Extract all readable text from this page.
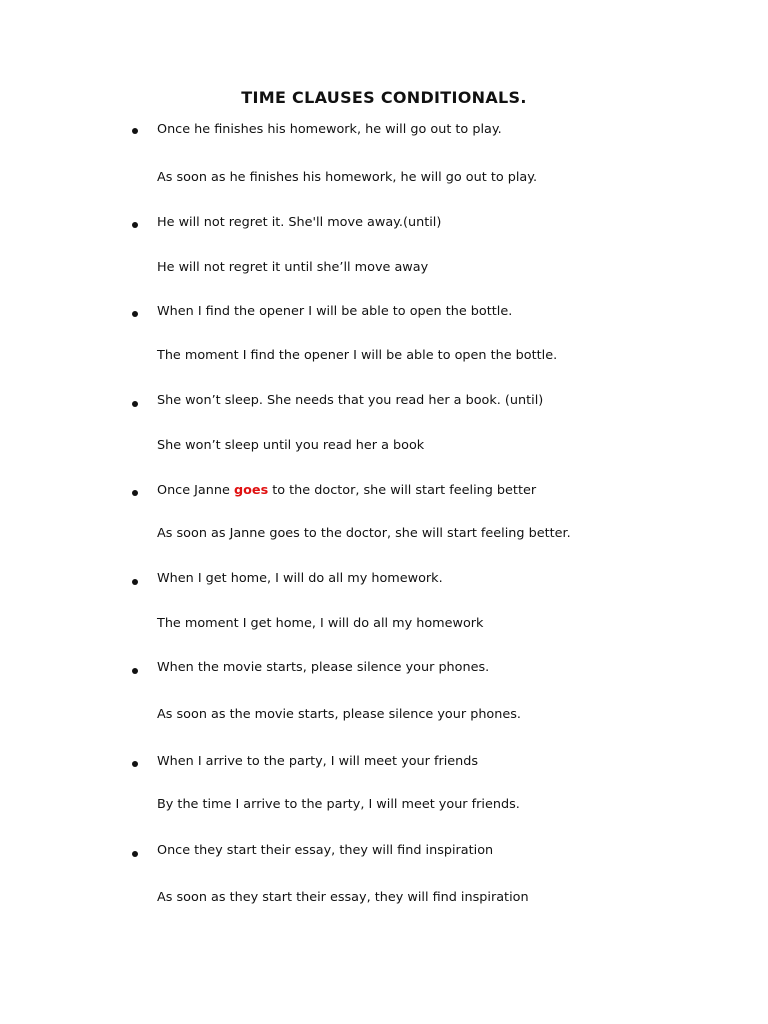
TIME CLAUSES CONDITIONALS.
Once he finishes his homework, he will go out to play.
As soon as he finishes his homework, he will go out to play.
He will not regret it. She'll move away.(until)
He will not regret it until she’ll move away
When I find the opener I will be able to open the bottle.
The moment I find the opener I will be able to open the bottle.
She won’t sleep. She needs that you read her a book. (until)
She won’t sleep until you read her a book
Once Janne goes to the doctor, she will start feeling better
As soon as Janne goes to the doctor, she will start feeling better.
When I get home, I will do all my homework.
The moment I get home, I will do all my homework
When the movie starts, please silence your phones.
As soon as the movie starts, please silence your phones.
When I arrive to the party, I will meet your friends
By the time I arrive to the party, I will meet your friends.
Once they start their essay, they will find inspiration
As soon as they start their essay, they will find inspiration
